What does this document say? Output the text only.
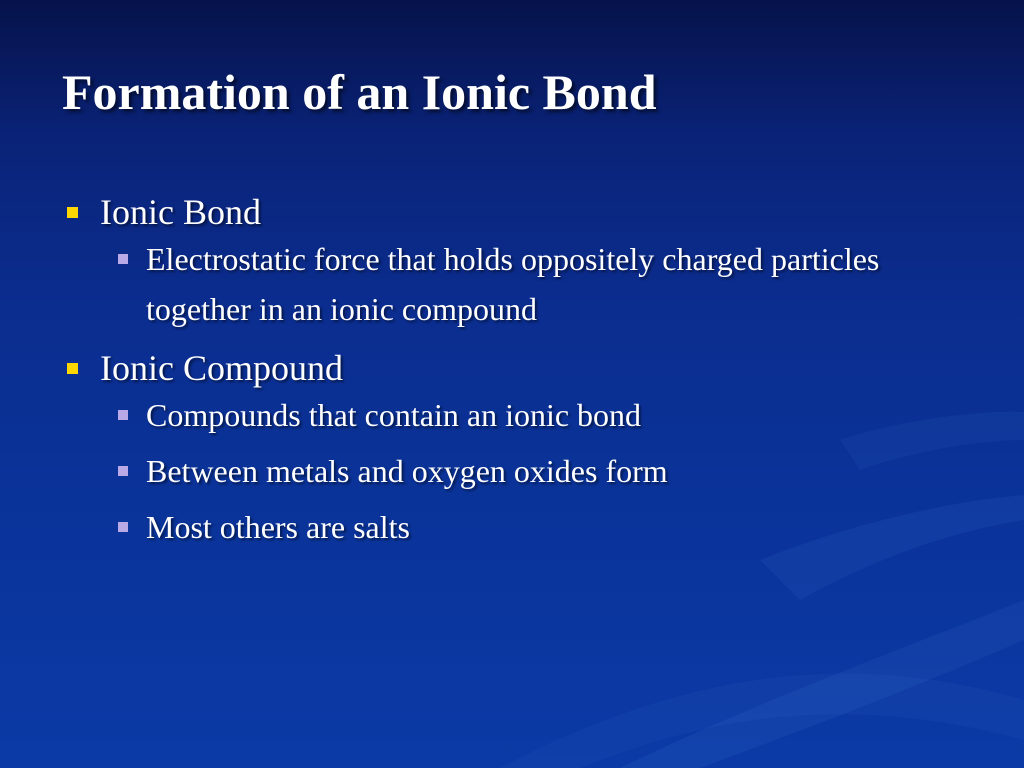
Formation of an Ionic Bond
Ionic Bond
Electrostatic force that holds oppositely charged particles together in an ionic compound
Ionic Compound
Compounds that contain an ionic bond
Between metals and oxygen oxides form
Most others are salts
